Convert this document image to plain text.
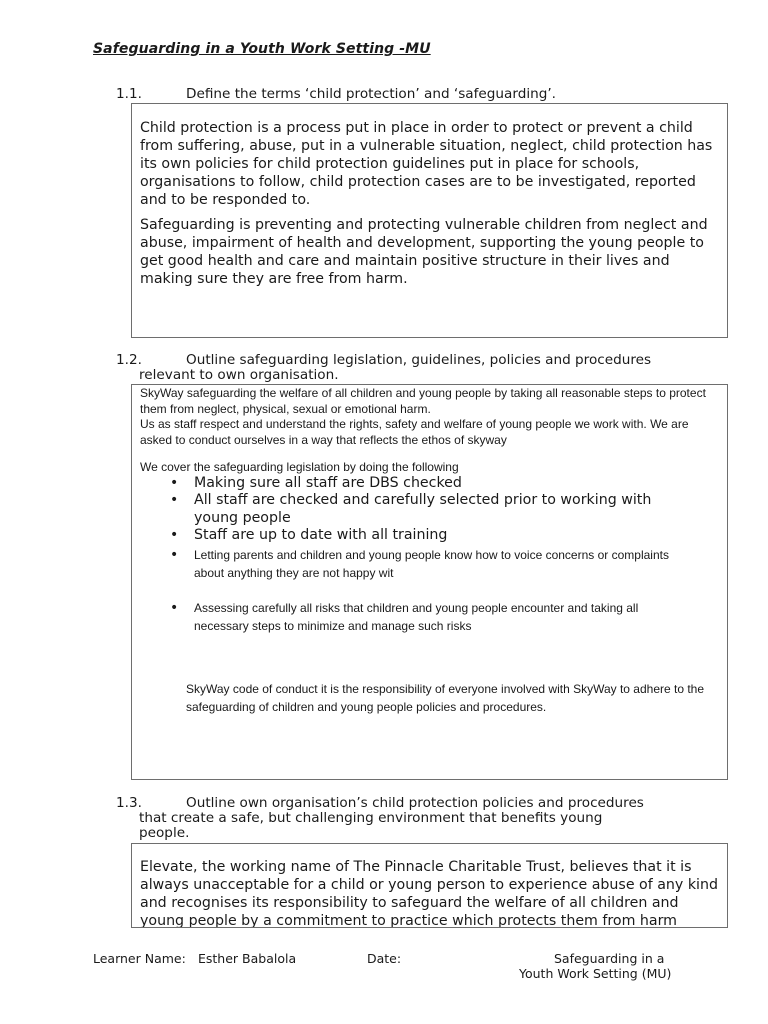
Safeguarding in a Youth Work Setting -MU
1.1.	Define the terms ‘child protection’ and ‘safeguarding’.

Child protection is a process put in place in order to protect or prevent a child from suffering, abuse, put in a vulnerable situation, neglect, child protection has its own policies for child protection guidelines put in place for schools, organisations to follow, child protection cases are to be investigated, reported and to be responded to.

Safeguarding is preventing and protecting vulnerable children from neglect and abuse, impairment of health and development, supporting the young people to get good health and care and maintain positive structure in their lives and making sure they are free from harm.

1.2.	Outline safeguarding legislation, guidelines, policies and procedures
relevant to own organisation.

SkyWay safeguarding the welfare of all children and young people by taking all reasonable steps to protect them from neglect, physical, sexual or emotional harm.

Us as staff respect and understand the rights, safety and welfare of young people we work with. We are asked to conduct ourselves in a way that reflects the ethos of skyway

We cover the safeguarding legislation by doing the following

• Making sure all staff are DBS checked
• All staff are checked and carefully selected prior to working with young people
• Staff are up to date with all training
• Letting parents and children and young people know how to voice concerns or complaints about anything they are not happy wit
• Assessing carefully all risks that children and young people encounter and taking all necessary steps to minimize and manage such risks

SkyWay code of conduct it is the responsibility of everyone involved with SkyWay to adhere to the safeguarding of children and young people policies and procedures.

1.3.	Outline own organisation’s child protection policies and procedures
that create a safe, but challenging environment that benefits young
people.

Elevate, the working name of The Pinnacle Charitable Trust, believes that it is always unacceptable for a child or young person to experience abuse of any kind and recognises its responsibility to safeguard the welfare of all children and young people by a commitment to practice which protects them from harm

Learner Name: Esther Babalola	Date:	Safeguarding in a
Youth Work Setting (MU)
